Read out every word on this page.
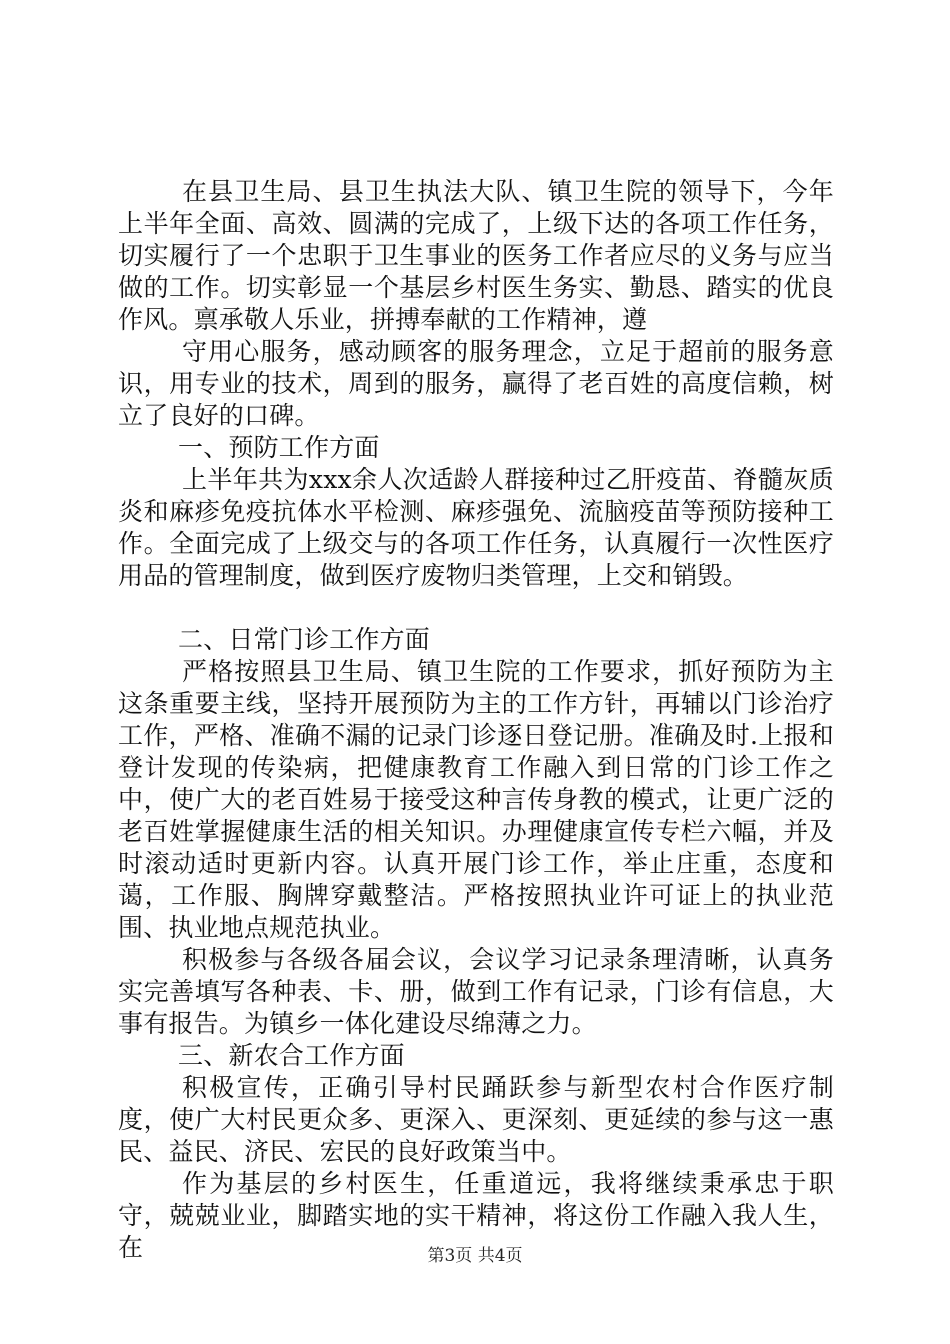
在县卫生局、县卫生执法大队、镇卫生院的领导下，今年上半年全面、高效、圆满的完成了，上级下达的各项工作任务，切实履行了一个忠职于卫生事业的医务工作者应尽的义务与应当做的工作。切实彰显一个基层乡村医生务实、勤恳、踏实的优良作风。禀承敬人乐业，拼搏奉献的工作精神，遵

守用心服务，感动顾客的服务理念，立足于超前的服务意识，用专业的技术，周到的服务，赢得了老百姓的高度信赖，树立了良好的口碑。

一、预防工作方面

上半年共为xxx余人次适龄人群接种过乙肝疫苗、脊髓灰质炎和麻疹免疫抗体水平检测、麻疹强免、流脑疫苗等预防接种工作。全面完成了上级交与的各项工作任务，认真履行一次性医疗用品的管理制度，做到医疗废物归类管理，上交和销毁。

二、日常门诊工作方面

严格按照县卫生局、镇卫生院的工作要求，抓好预防为主这条重要主线，坚持开展预防为主的工作方针，再辅以门诊治疗工作，严格、准确不漏的记录门诊逐日登记册。准确及时.上报和登计发现的传染病，把健康教育工作融入到日常的门诊工作之中，使广大的老百姓易于接受这种言传身教的模式，让更广泛的老百姓掌握健康生活的相关知识。办理健康宣传专栏六幅，并及时滚动适时更新内容。认真开展门诊工作，举止庄重，态度和蔼，工作服、胸牌穿戴整洁。严格按照执业许可证上的执业范围、执业地点规范执业。

积极参与各级各届会议，会议学习记录条理清晰，认真务实完善填写各种表、卡、册，做到工作有记录，门诊有信息，大事有报告。为镇乡一体化建设尽绵薄之力。

三、新农合工作方面

积极宣传，正确引导村民踊跃参与新型农村合作医疗制度，使广大村民更众多、更深入、更深刻、更延续的参与这一惠民、益民、济民、宏民的良好政策当中。

作为基层的乡村医生，任重道远，我将继续秉承忠于职守，兢兢业业，脚踏实地的实干精神，将这份工作融入我人生，在	第3页 共4页
